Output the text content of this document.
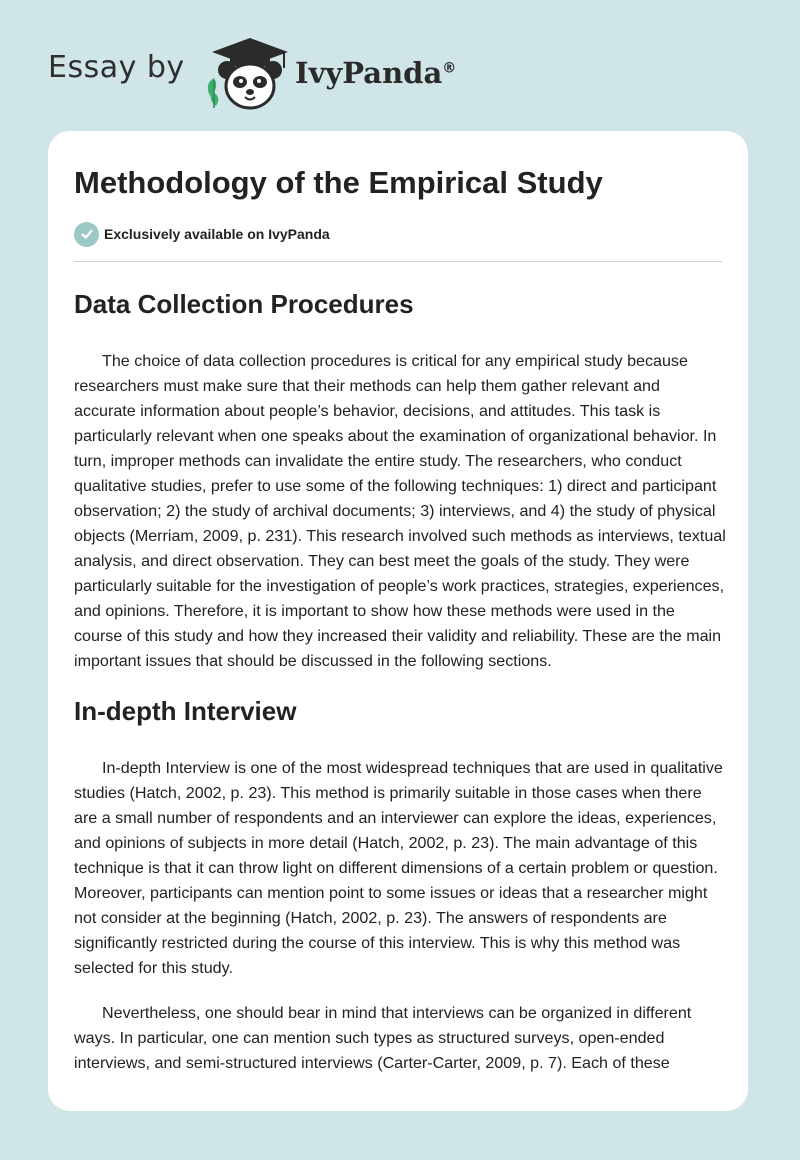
Essay by	IvyPanda®
Methodology of the Empirical Study
Exclusively available on IvyPanda
Data Collection Procedures

The choice of data collection procedures is critical for any empirical study because researchers must make sure that their methods can help them gather relevant and accurate information about people’s behavior, decisions, and attitudes. This task is particularly relevant when one speaks about the examination of organizational behavior. In turn, improper methods can invalidate the entire study. The researchers, who conduct qualitative studies, prefer to use some of the following techniques: 1) direct and participant observation; 2) the study of archival documents; 3) interviews, and 4) the study of physical objects (Merriam, 2009, p. 231). This research involved such methods as interviews, textual analysis, and direct observation. They can best meet the goals of the study. They were particularly suitable for the investigation of people’s work practices, strategies, experiences, and opinions. Therefore, it is important to show how these methods were used in the course of this study and how they increased their validity and reliability. These are the main important issues that should be discussed in the following sections.

In-depth Interview

In-depth Interview is one of the most widespread techniques that are used in qualitative studies (Hatch, 2002, p. 23). This method is primarily suitable in those cases when there are a small number of respondents and an interviewer can explore the ideas, experiences, and opinions of subjects in more detail (Hatch, 2002, p. 23). The main advantage of this technique is that it can throw light on different dimensions of a certain problem or question. Moreover, participants can mention point to some issues or ideas that a researcher might not consider at the beginning (Hatch, 2002, p. 23). The answers of respondents are significantly restricted during the course of this interview. This is why this method was selected for this study.

Nevertheless, one should bear in mind that interviews can be organized in different ways. In particular, one can mention such types as structured surveys, open-ended interviews, and semi-structured interviews (Carter-Carter, 2009, p. 7). Each of these
